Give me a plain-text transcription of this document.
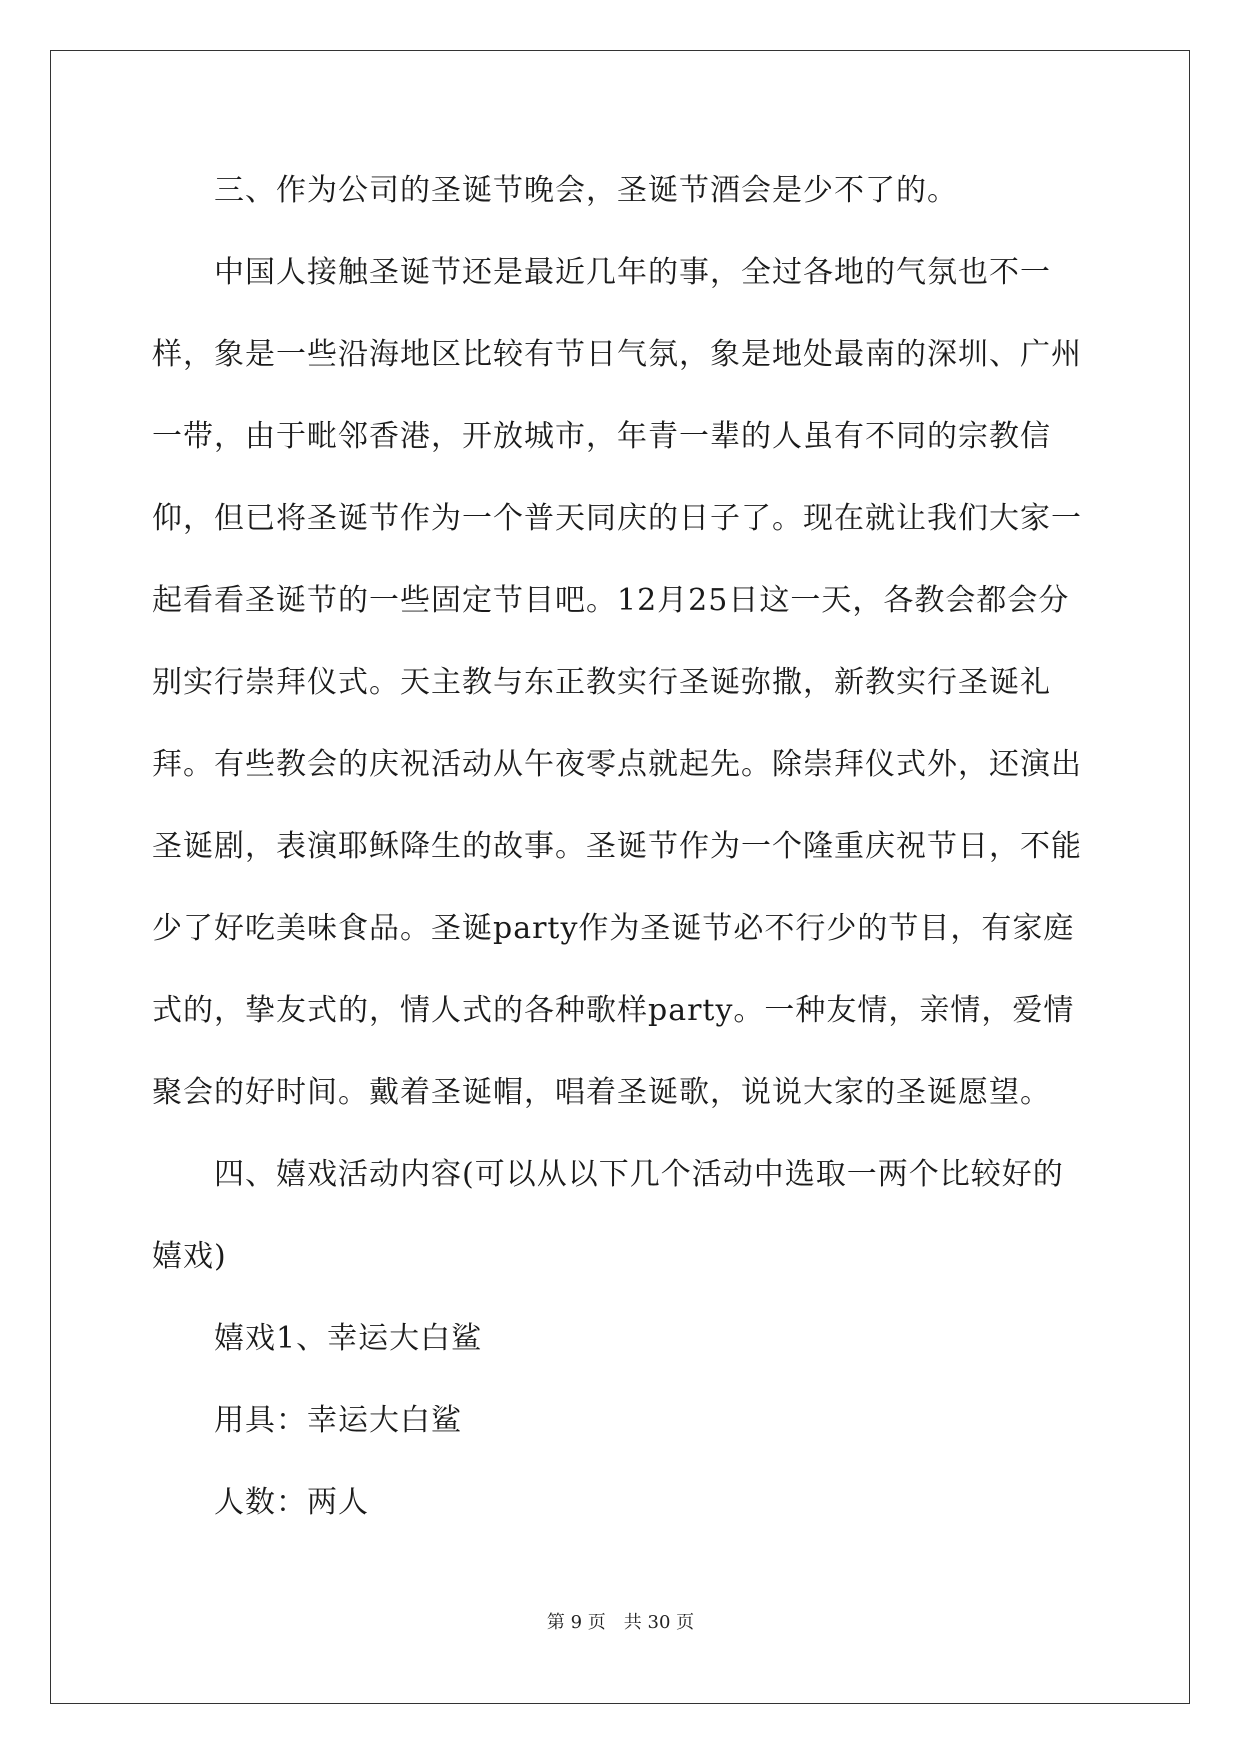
三、作为公司的圣诞节晚会，圣诞节酒会是少不了的。

中国人接触圣诞节还是最近几年的事，全过各地的气氛也不一样，象是一些沿海地区比较有节日气氛，象是地处最南的深圳、广州一带，由于毗邻香港，开放城市，年青一辈的人虽有不同的宗教信仰，但已将圣诞节作为一个普天同庆的日子了。现在就让我们大家一起看看圣诞节的一些固定节目吧。12月25日这一天，各教会都会分别实行崇拜仪式。天主教与东正教实行圣诞弥撒，新教实行圣诞礼拜。有些教会的庆祝活动从午夜零点就起先。除崇拜仪式外，还演出圣诞剧，表演耶稣降生的故事。圣诞节作为一个隆重庆祝节日，不能少了好吃美味食品。圣诞party作为圣诞节必不行少的节目，有家庭式的，挚友式的，情人式的各种歌样party。一种友情，亲情，爱情聚会的好时间。戴着圣诞帽，唱着圣诞歌，说说大家的圣诞愿望。

四、嬉戏活动内容(可以从以下几个活动中选取一两个比较好的嬉戏)

嬉戏1、幸运大白鲨

用具：幸运大白鲨

人数：两人

第 9 页　共 30 页
